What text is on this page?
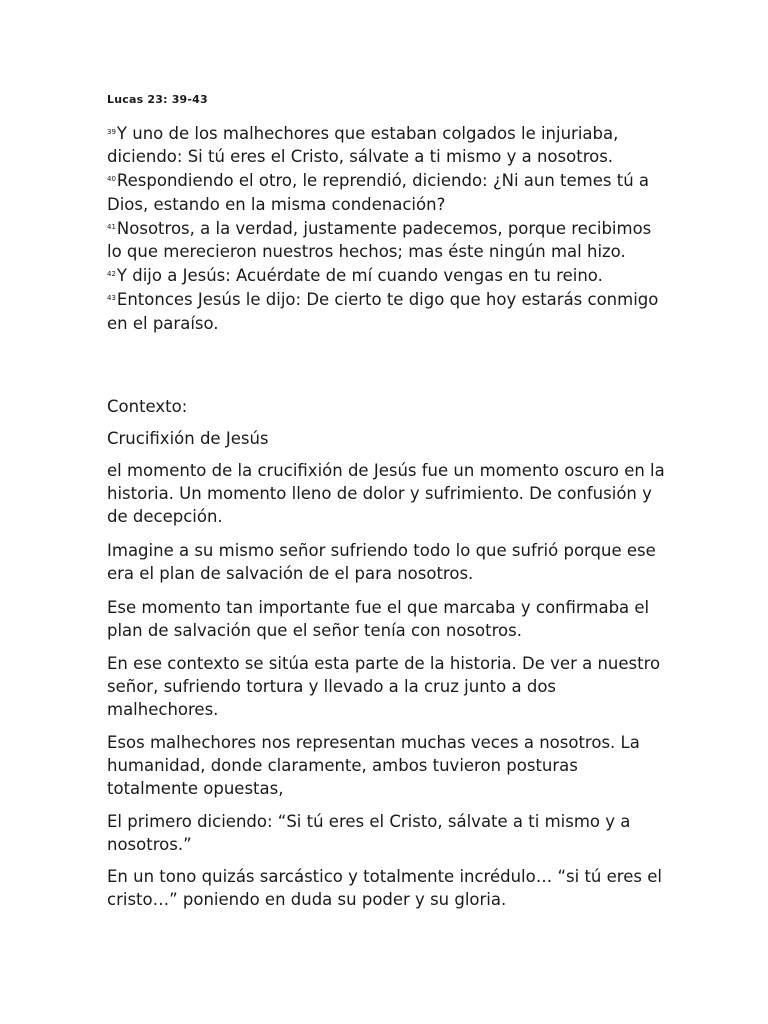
Lucas 23: 39-43

$^{39}$Y uno de los malhechores que estaban colgados le injuriaba, diciendo: Si tú eres el Cristo, sálvate a ti mismo y a nosotros.

$^{40}$Respondiendo el otro, le reprendió, diciendo: ¿Ni aun temes tú a Dios, estando en la misma condenación?

$^{41}$Nosotros, a la verdad, justamente padecemos, porque recibimos lo que merecieron nuestros hechos; mas éste ningún mal hizo.

$^{42}$Y dijo a Jesús: Acuérdate de mí cuando vengas en tu reino.

$^{43}$Entonces Jesús le dijo: De cierto te digo que hoy estarás conmigo en el paraíso.

Contexto:

Crucifixión de Jesús

el momento de la crucifixión de Jesús fue un momento oscuro en la historia. Un momento lleno de dolor y sufrimiento. De confusión y de decepción.

Imagine a su mismo señor sufriendo todo lo que sufrió porque ese era el plan de salvación de el para nosotros.

Ese momento tan importante fue el que marcaba y confirmaba el plan de salvación que el señor tenía con nosotros.

En ese contexto se sitúa esta parte de la historia. De ver a nuestro señor, sufriendo tortura y llevado a la cruz junto a dos malhechores.

Esos malhechores nos representan muchas veces a nosotros. La humanidad, donde claramente, ambos tuvieron posturas totalmente opuestas,

El primero diciendo: “Si tú eres el Cristo, sálvate a ti mismo y a nosotros.”

En un tono quizás sarcástico y totalmente incrédulo… “si tú eres el cristo…” poniendo en duda su poder y su gloria.
